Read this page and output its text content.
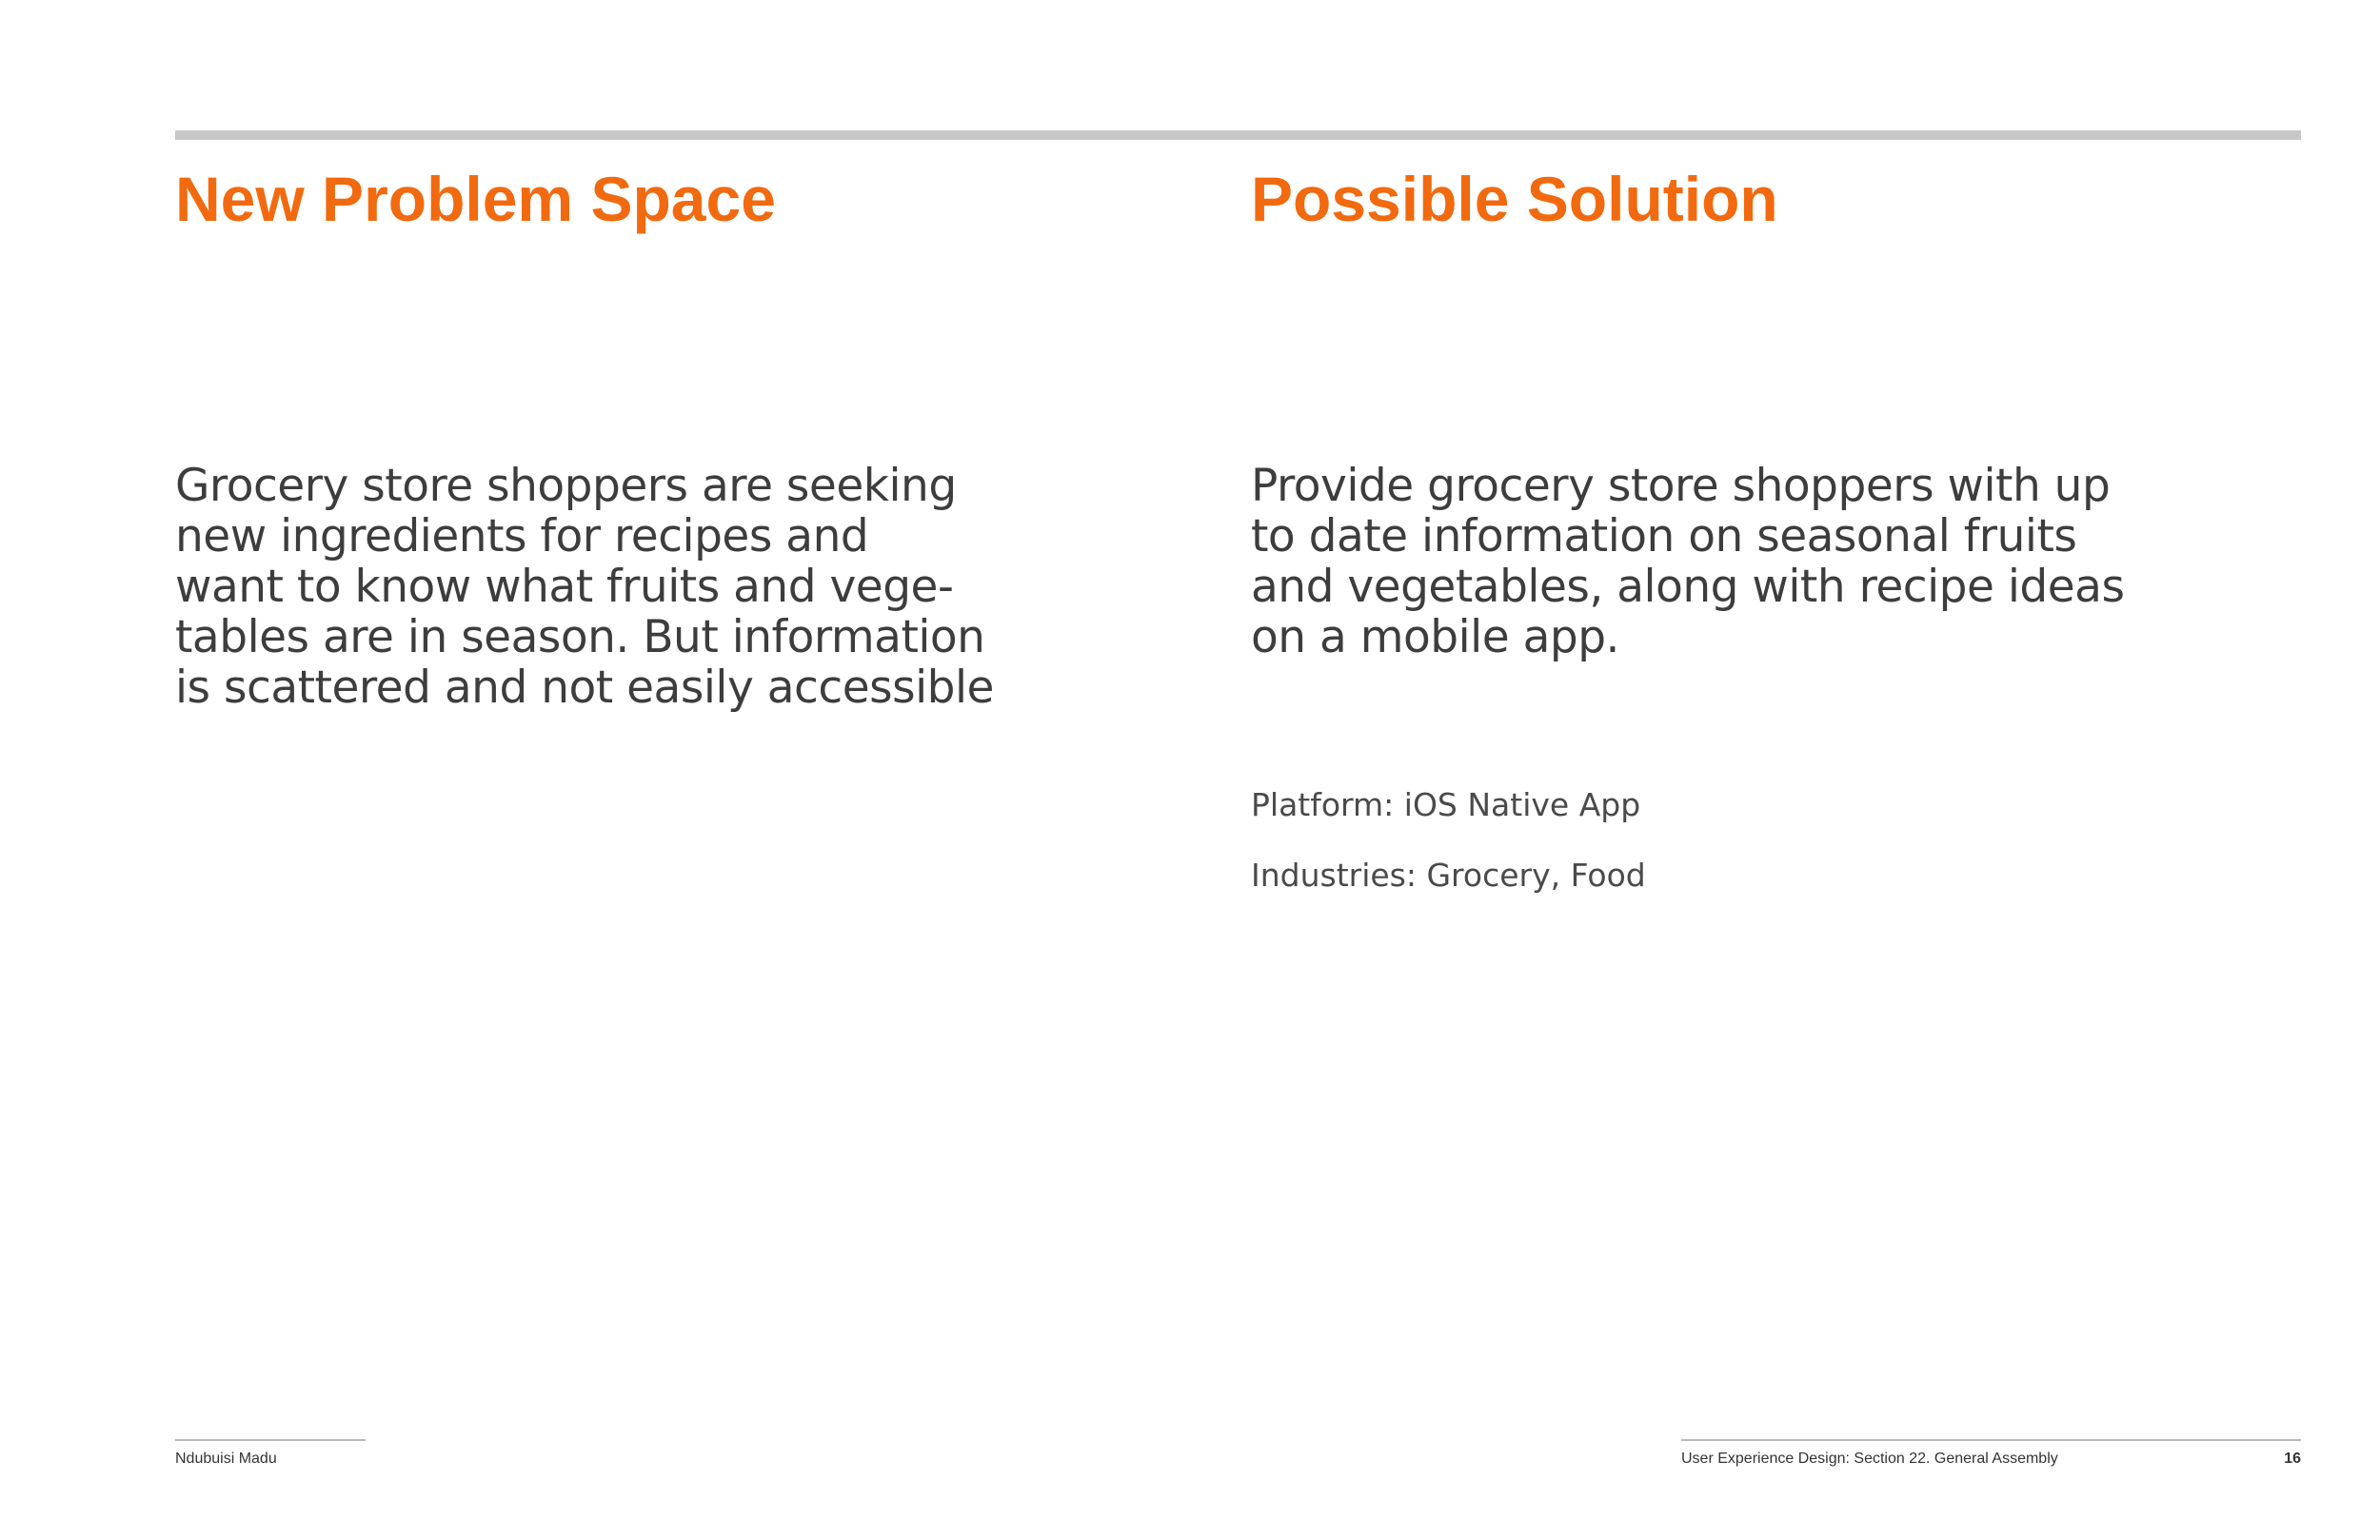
New Problem Space	Possible Solution

Grocery store shoppers are seeking
new ingredients for recipes and
want to know what fruits and vege-
tables are in season. But information
is scattered and not easily accessible

Provide grocery store shoppers with up
to date information on seasonal fruits
and vegetables, along with recipe ideas
on a mobile app.

Platform: iOS Native App

Industries: Grocery, Food

Ndubuisi Madu	User Experience Design: Section 22. General Assembly	16
